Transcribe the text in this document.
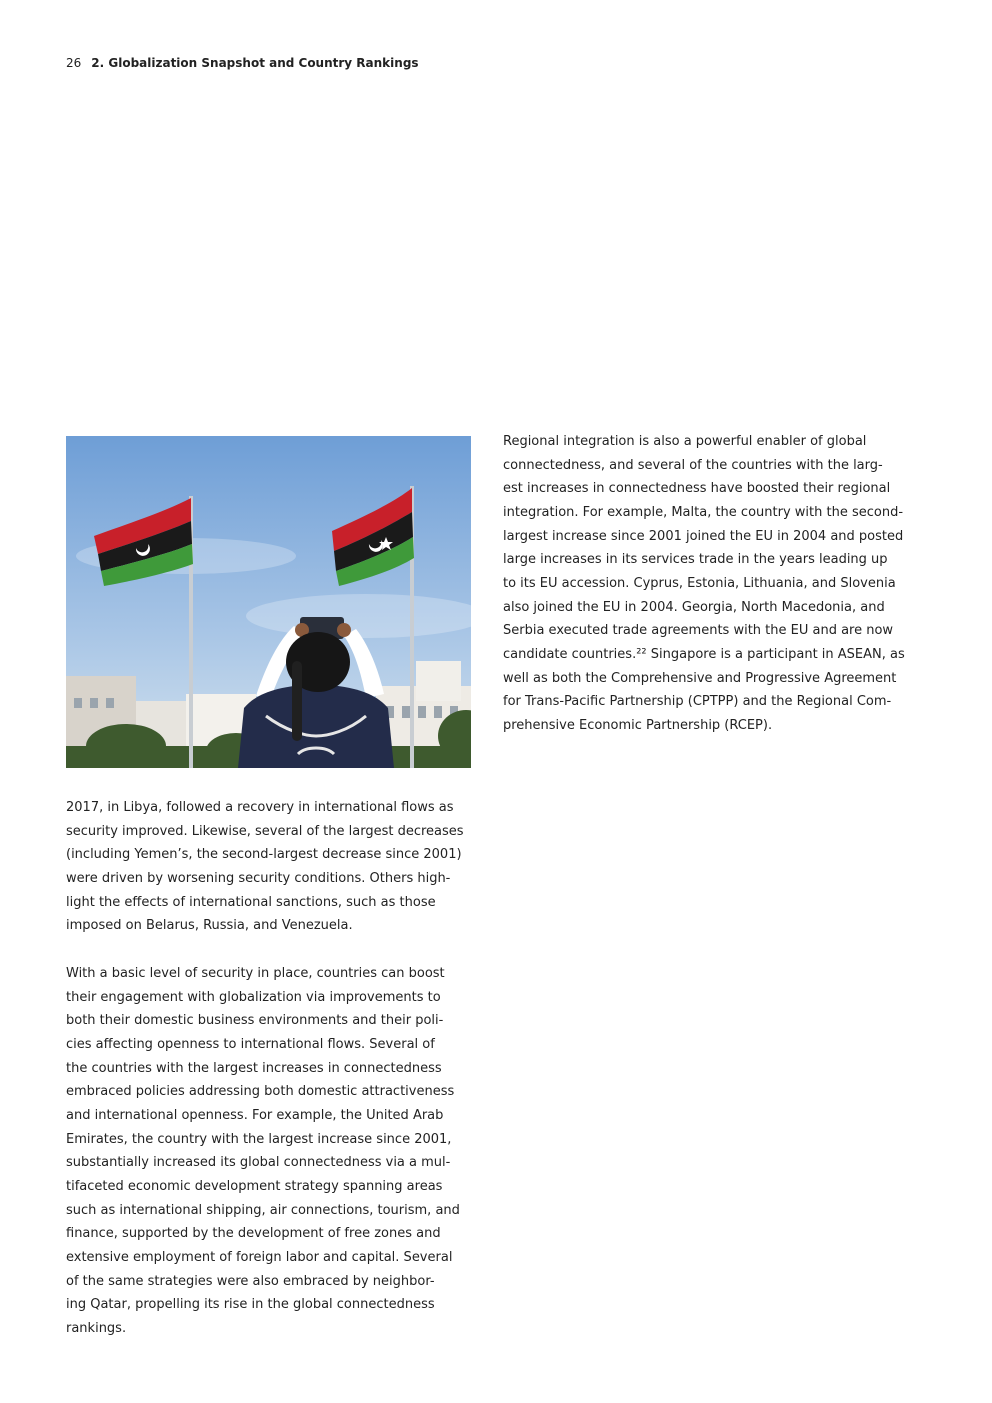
26 2. Globalization Snapshot and Country Rankings
Regional integration is also a powerful enabler of global
connectedness, and several of the countries with the larg-
est increases in connectedness have boosted their regional
integration. For example, Malta, the country with the second-
largest increase since 2001 joined the EU in 2004 and posted
large increases in its services trade in the years leading up
to its EU accession. Cyprus, Estonia, Lithuania, and Slovenia
also joined the EU in 2004. Georgia, North Macedonia, and
Serbia executed trade agreements with the EU and are now
candidate countries.²² Singapore is a participant in ASEAN, as
well as both the Comprehensive and Progressive Agreement
for Trans-Pacific Partnership (CPTPP) and the Regional Com-
prehensive Economic Partnership (RCEP).
2017, in Libya, followed a recovery in international flows as
security improved. Likewise, several of the largest decreases
(including Yemen’s, the second-largest decrease since 2001)
were driven by worsening security conditions. Others high-
light the effects of international sanctions, such as those
imposed on Belarus, Russia, and Venezuela.
With a basic level of security in place, countries can boost
their engagement with globalization via improvements to
both their domestic business environments and their poli-
cies affecting openness to international flows. Several of
the countries with the largest increases in connectedness
embraced policies addressing both domestic attractiveness
and international openness. For example, the United Arab
Emirates, the country with the largest increase since 2001,
substantially increased its global connectedness via a mul-
tifaceted economic development strategy spanning areas
such as international shipping, air connections, tourism, and
finance, supported by the development of free zones and
extensive employment of foreign labor and capital. Several
of the same strategies were also embraced by neighbor-
ing Qatar, propelling its rise in the global connectedness
rankings.
